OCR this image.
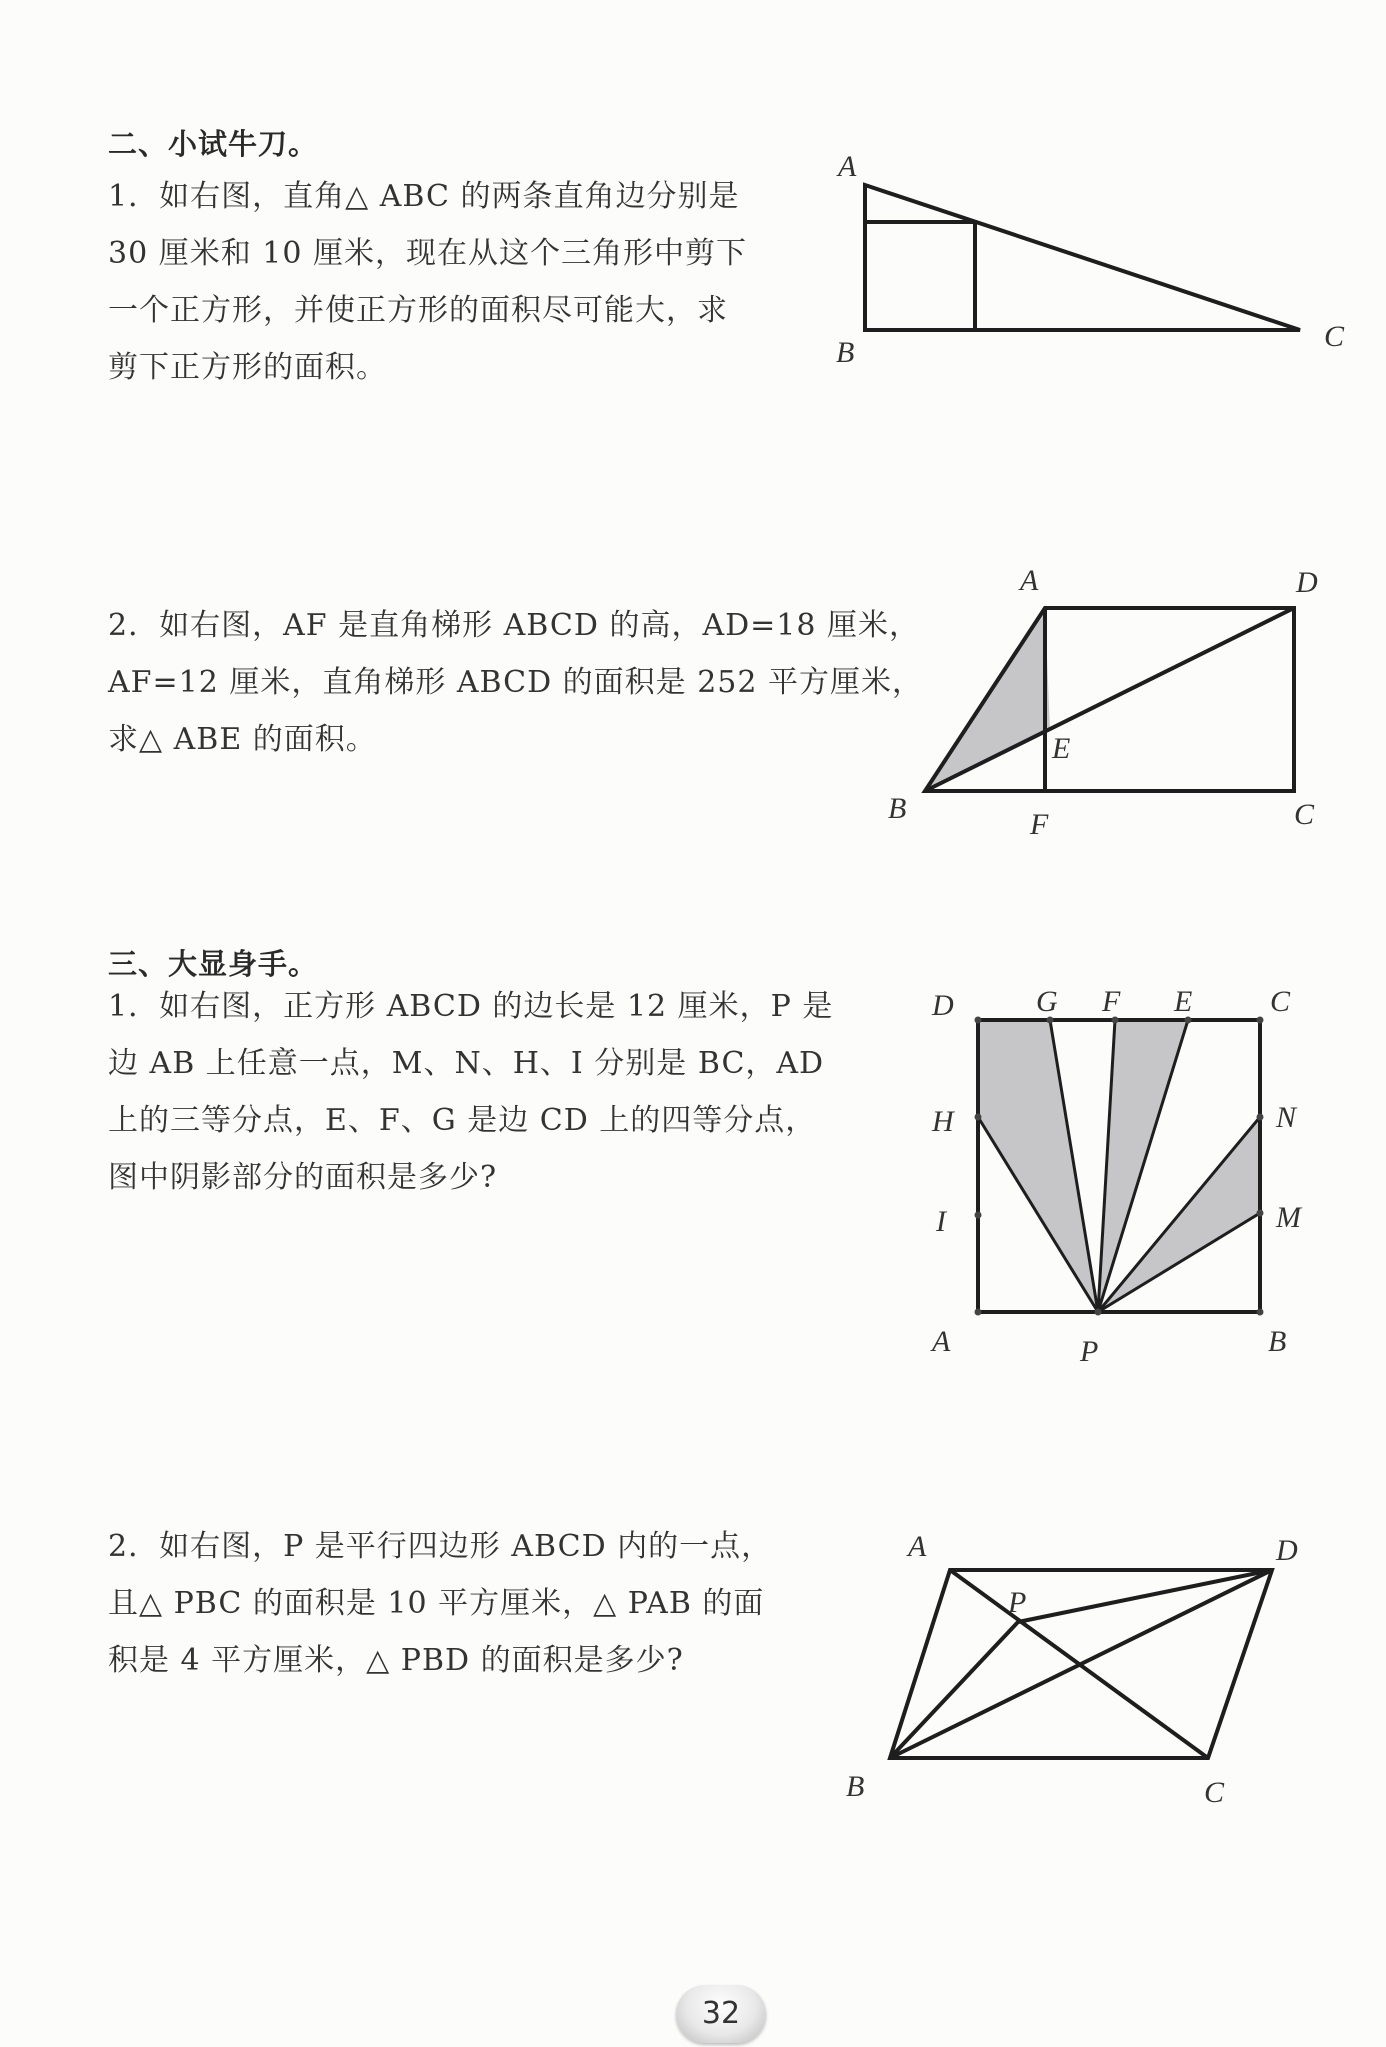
二、小试牛刀。

1．如右图，直角△ ABC 的两条直角边分别是

30 厘米和 10 厘米，现在从这个三角形中剪下

一个正方形，并使正方形的面积尽可能大，求

剪下正方形的面积。

A
B	C

2．如右图，AF 是直角梯形 ABCD 的高，AD=18 厘米，

AF=12 厘米，直角梯形 ABCD 的面积是 252 平方厘米，

求△ ABE 的面积。

A	D
E
B	F	C
三、大显身手。

1．如右图，正方形 ABCD 的边长是 12 厘米，P 是

边 AB 上任意一点，M、N、H、I 分别是 BC，AD

上的三等分点，E、F、G 是边 CD 上的四等分点，

图中阴影部分的面积是多少?

D	G F E	C
H
I
N
M
A	P	B

2．如右图，P 是平行四边形 ABCD 内的一点，

且△ PBC 的面积是 10 平方厘米，△ PAB 的面

积是 4 平方厘米，△ PBD 的面积是多少?

A	D
P
B	C
32
